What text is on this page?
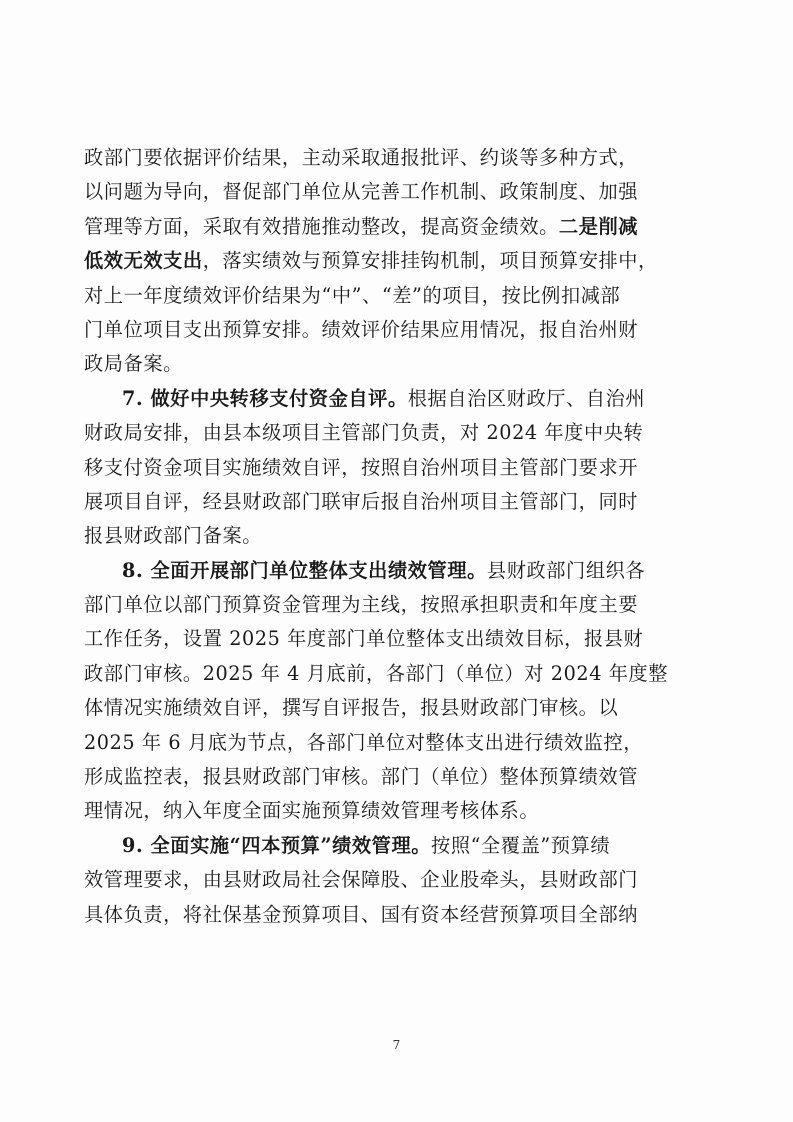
政部门要依据评价结果，主动采取通报批评、约谈等多种方式，
以问题为导向，督促部门单位从完善工作机制、政策制度、加强
管理等方面，采取有效措施推动整改，提高资金绩效。二是削减
低效无效支出，落实绩效与预算安排挂钩机制，项目预算安排中，
对上一年度绩效评价结果为“中”、“差”的项目，按比例扣减部
门单位项目支出预算安排。绩效评价结果应用情况，报自治州财
政局备案。
7. 做好中央转移支付资金自评。根据自治区财政厅、自治州
财政局安排，由县本级项目主管部门负责，对 2024 年度中央转
移支付资金项目实施绩效自评，按照自治州项目主管部门要求开
展项目自评，经县财政部门联审后报自治州项目主管部门，同时
报县财政部门备案。
8. 全面开展部门单位整体支出绩效管理。县财政部门组织各
部门单位以部门预算资金管理为主线，按照承担职责和年度主要
工作任务，设置 2025 年度部门单位整体支出绩效目标，报县财
政部门审核。2025 年 4 月底前，各部门（单位）对 2024 年度整
体情况实施绩效自评，撰写自评报告，报县财政部门审核。以
2025 年 6 月底为节点，各部门单位对整体支出进行绩效监控，
形成监控表，报县财政部门审核。部门（单位）整体预算绩效管
理情况，纳入年度全面实施预算绩效管理考核体系。
9. 全面实施“四本预算”绩效管理。按照“全覆盖”预算绩
效管理要求，由县财政局社会保障股、企业股牵头，县财政部门
具体负责，将社保基金预算项目、国有资本经营预算项目全部纳
7
